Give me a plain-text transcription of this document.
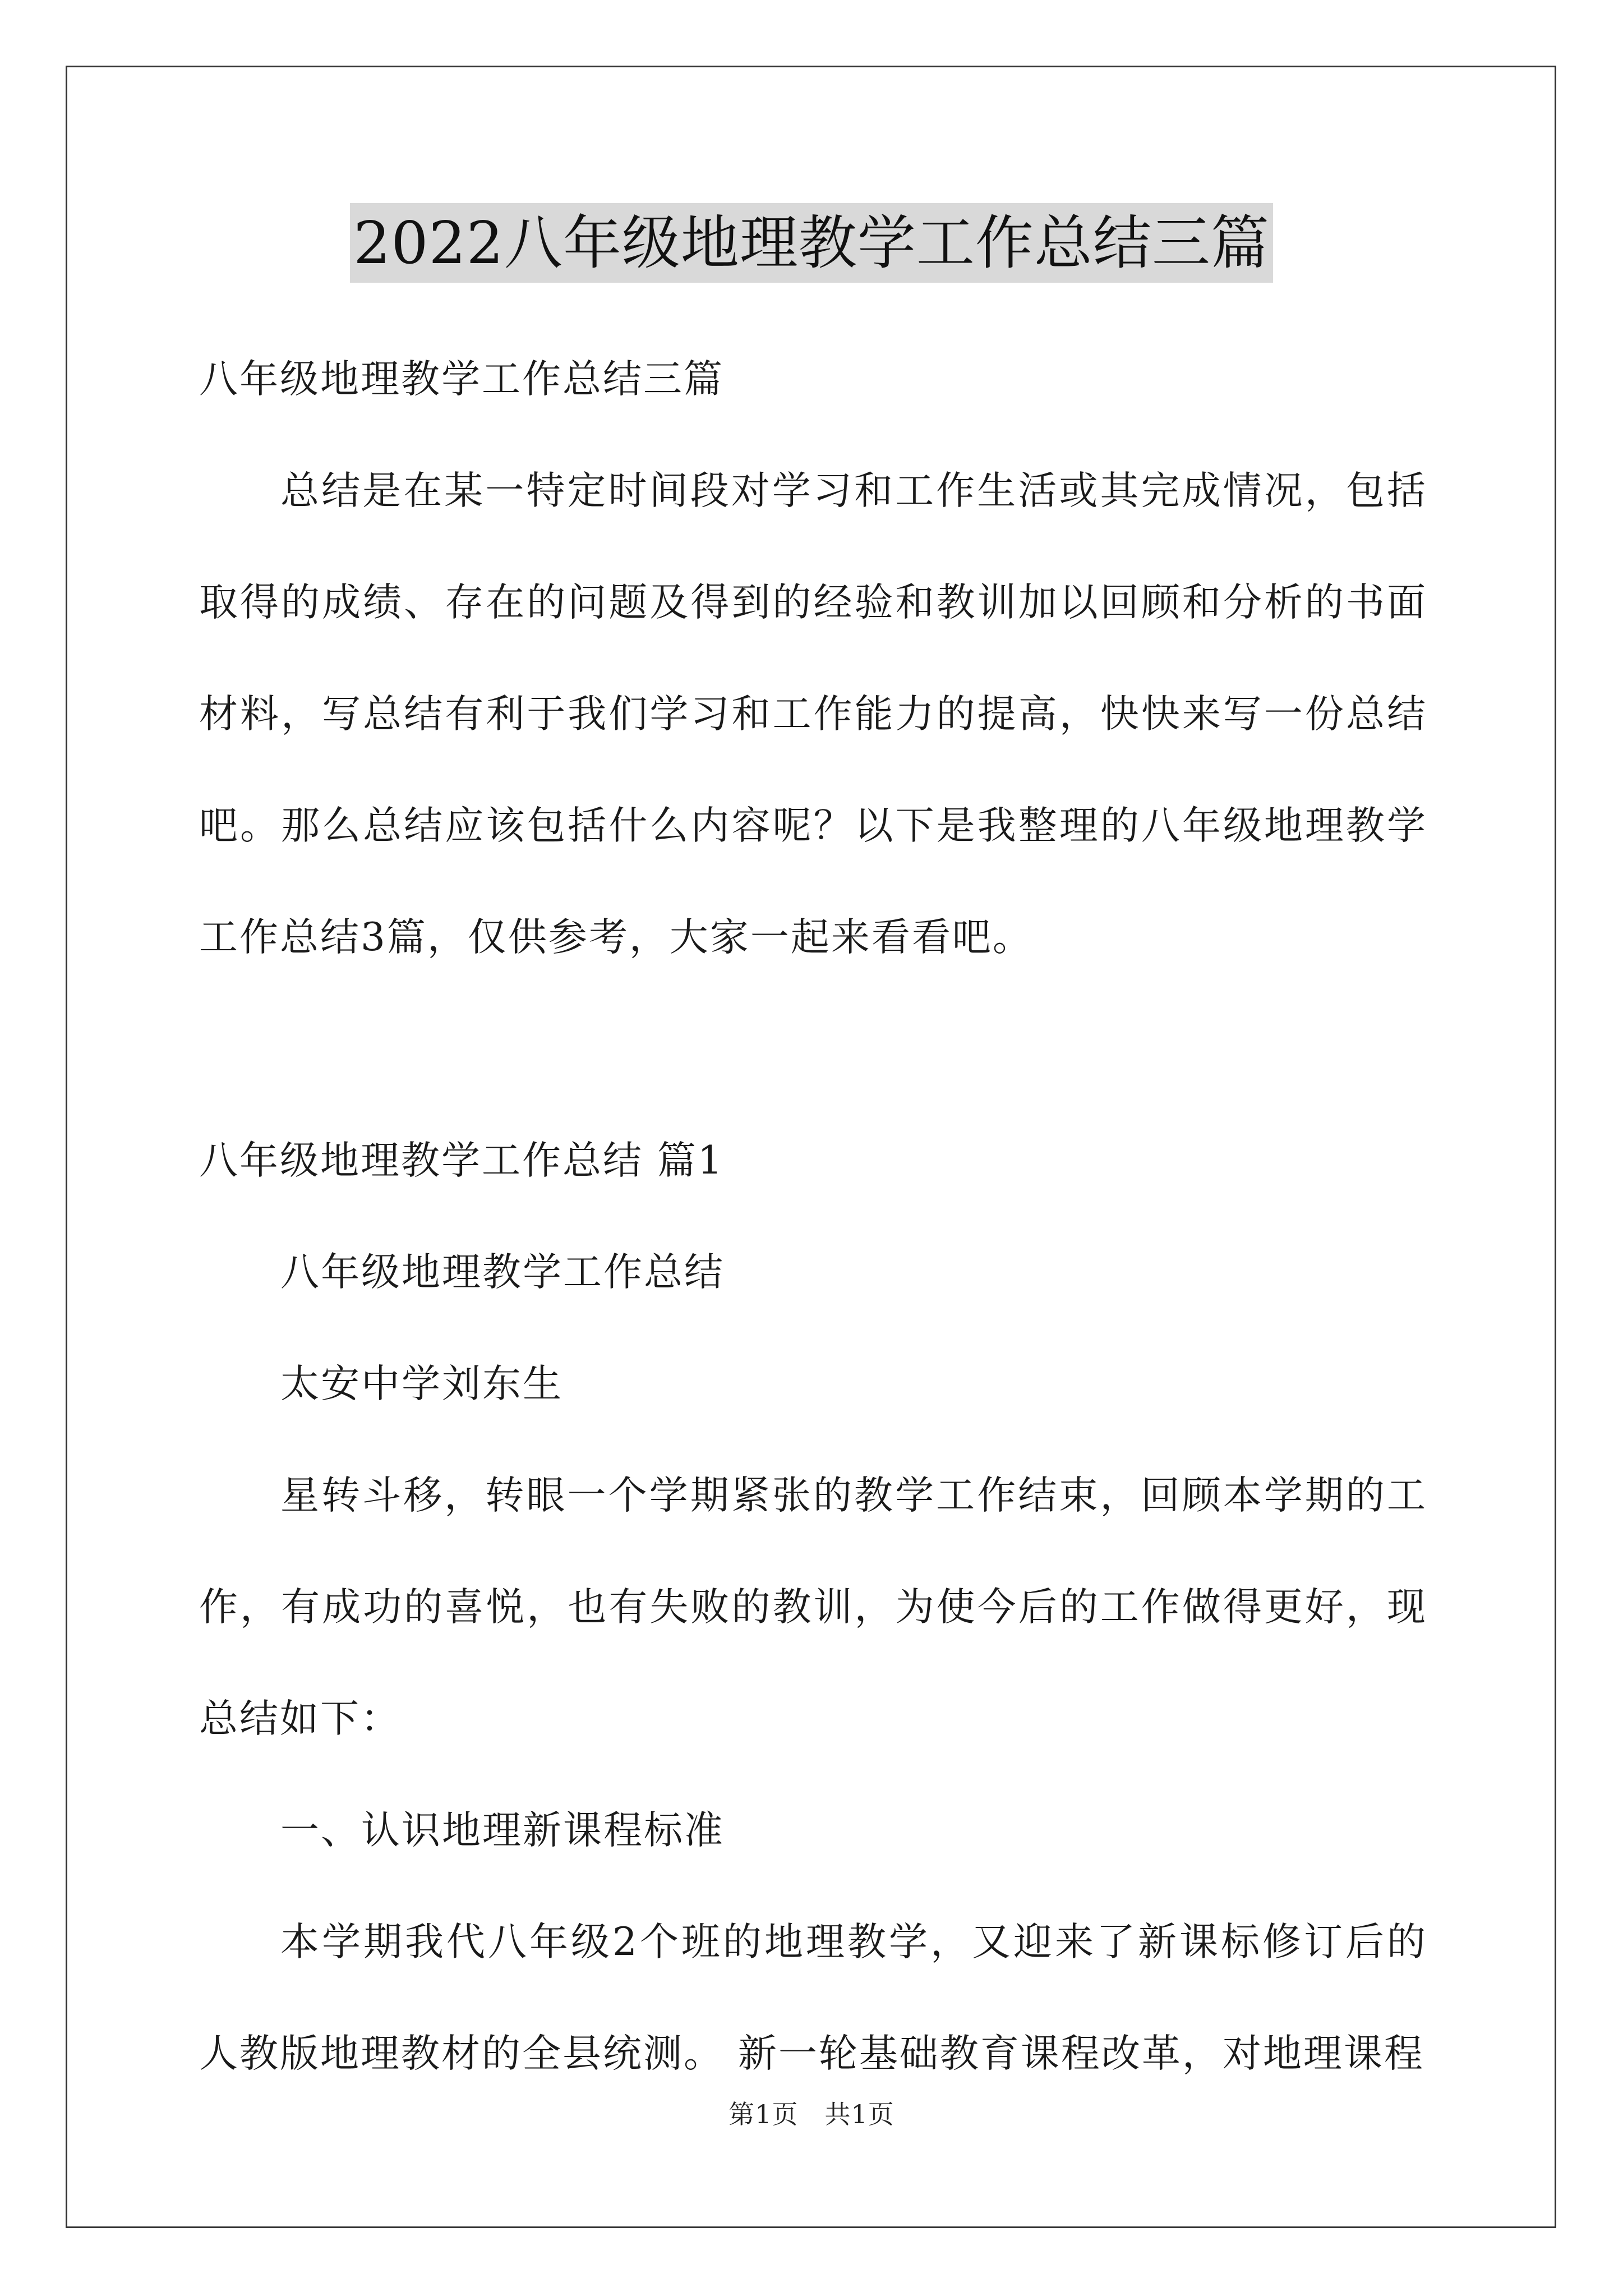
2022八年级地理教学工作总结三篇

八年级地理教学工作总结三篇

总结是在某一特定时间段对学习和工作生活或其完成情况，包括取得的成绩、存在的问题及得到的经验和教训加以回顾和分析的书面材料，写总结有利于我们学习和工作能力的提高，快快来写一份总结吧。那么总结应该包括什么内容呢？以下是我整理的八年级地理教学工作总结3篇，仅供参考，大家一起来看看吧。

八年级地理教学工作总结 篇1

八年级地理教学工作总结

太安中学刘东生

星转斗移，转眼一个学期紧张的教学工作结束，回顾本学期的工作，有成功的喜悦，也有失败的教训，为使今后的工作做得更好，现总结如下：

一、认识地理新课程标准

本学期我代八年级2个班的地理教学，又迎来了新课标修订后的人教版地理教材的全县统测。 新一轮基础教育课程改革，对地理课程

第1页　共1页
